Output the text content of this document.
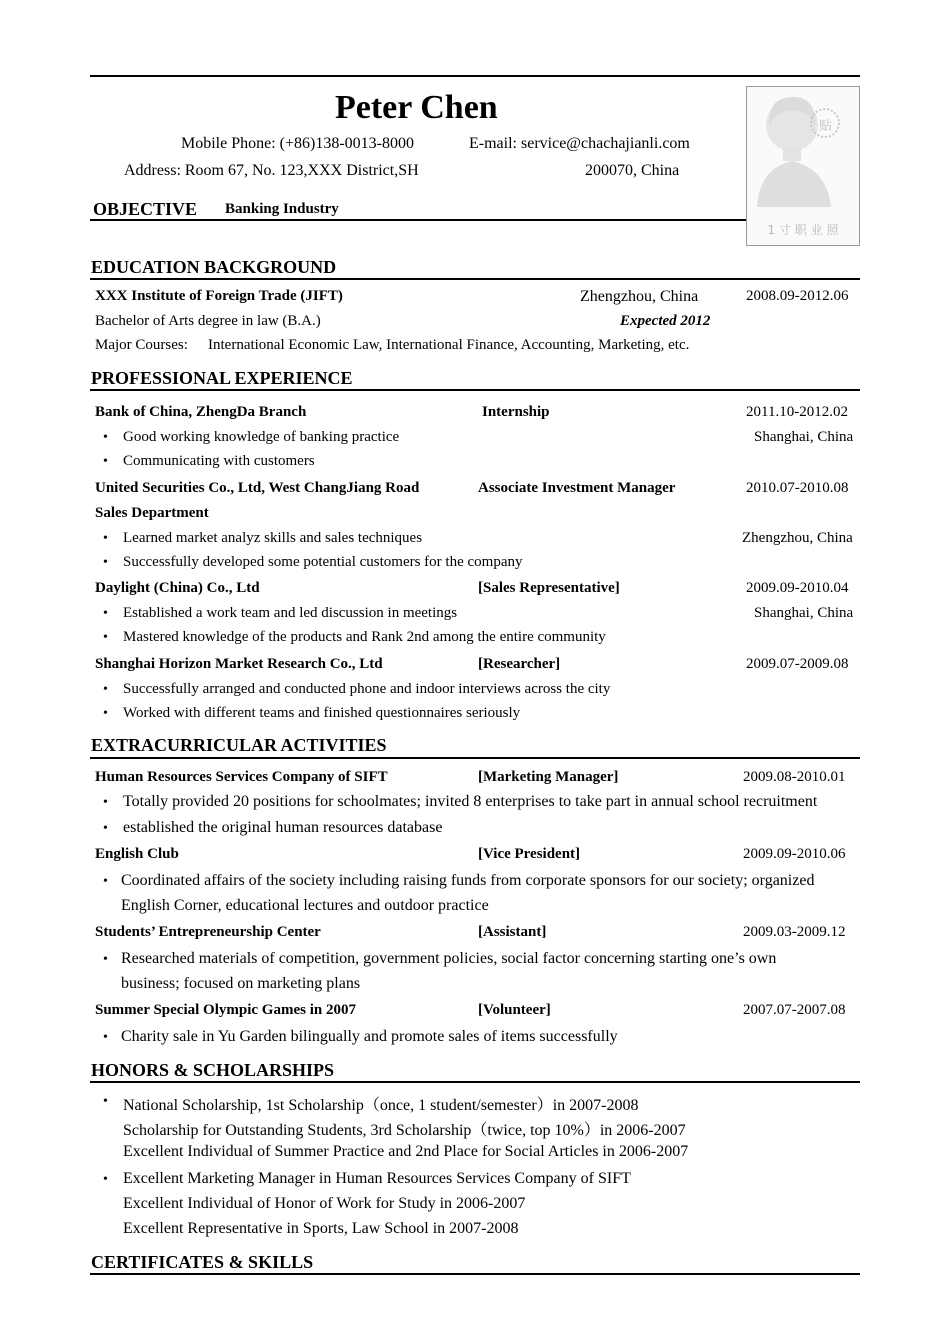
Peter Chen
Mobile Phone: (+86)138-0013-8000	E-mail: service@chachajianli.com
Address: Room 67, No. 123,XXX District,SH	200070, China
OBJECTIVE Banking Industry
贴
1 寸 职 业 照
EDUCATION BACKGROUND
XXX Institute of Foreign Trade (JIFT)	Zhengzhou, China	2008.09-2012.06
Bachelor of Arts degree in law (B.A.)	Expected 2012
Major Courses: International Economic Law, International Finance, Accounting, Marketing, etc.
PROFESSIONAL EXPERIENCE
Bank of China, ZhengDa Branch	Internship	2011.10-2012.02
• Good working knowledge of banking practice	Shanghai, China
• Communicating with customers
United Securities Co., Ltd, West ChangJiang Road	Associate Investment Manager	2010.07-2010.08
Sales Department
• Learned market analyz skills and sales techniques	Zhengzhou, China
• Successfully developed some potential customers for the company
Daylight (China) Co., Ltd	[Sales Representative]	2009.09-2010.04
• Established a work team and led discussion in meetings	Shanghai, China
• Mastered knowledge of the products and Rank 2nd among the entire community
Shanghai Horizon Market Research Co., Ltd	[Researcher]	2009.07-2009.08
• Successfully arranged and conducted phone and indoor interviews across the city
• Worked with different teams and finished questionnaires seriously
EXTRACURRICULAR ACTIVITIES
Human Resources Services Company of SIFT	[Marketing Manager]	2009.08-2010.01
• Totally provided 20 positions for schoolmates; invited 8 enterprises to take part in annual school recruitment
• established the original human resources database
English Club	[Vice President]	2009.09-2010.06
• Coordinated affairs of the society including raising funds from corporate sponsors for our society; organized
English Corner, educational lectures and outdoor practice
Students’ Entrepreneurship Center	[Assistant]	2009.03-2009.12
• Researched materials of competition, government policies, social factor concerning starting one’s own
business; focused on marketing plans
Summer Special Olympic Games in 2007	[Volunteer]	2007.07-2007.08
• Charity sale in Yu Garden bilingually and promote sales of items successfully
HONORS & SCHOLARSHIPS
• National Scholarship, 1st Scholarship（once, 1 student/semester）in 2007-2008
Scholarship for Outstanding Students, 3rd Scholarship（twice, top 10%）in 2006-2007
Excellent Individual of Summer Practice and 2nd Place for Social Articles in 2006-2007
• Excellent Marketing Manager in Human Resources Services Company of SIFT
Excellent Individual of Honor of Work for Study in 2006-2007
Excellent Representative in Sports, Law School in 2007-2008
CERTIFICATES & SKILLS
